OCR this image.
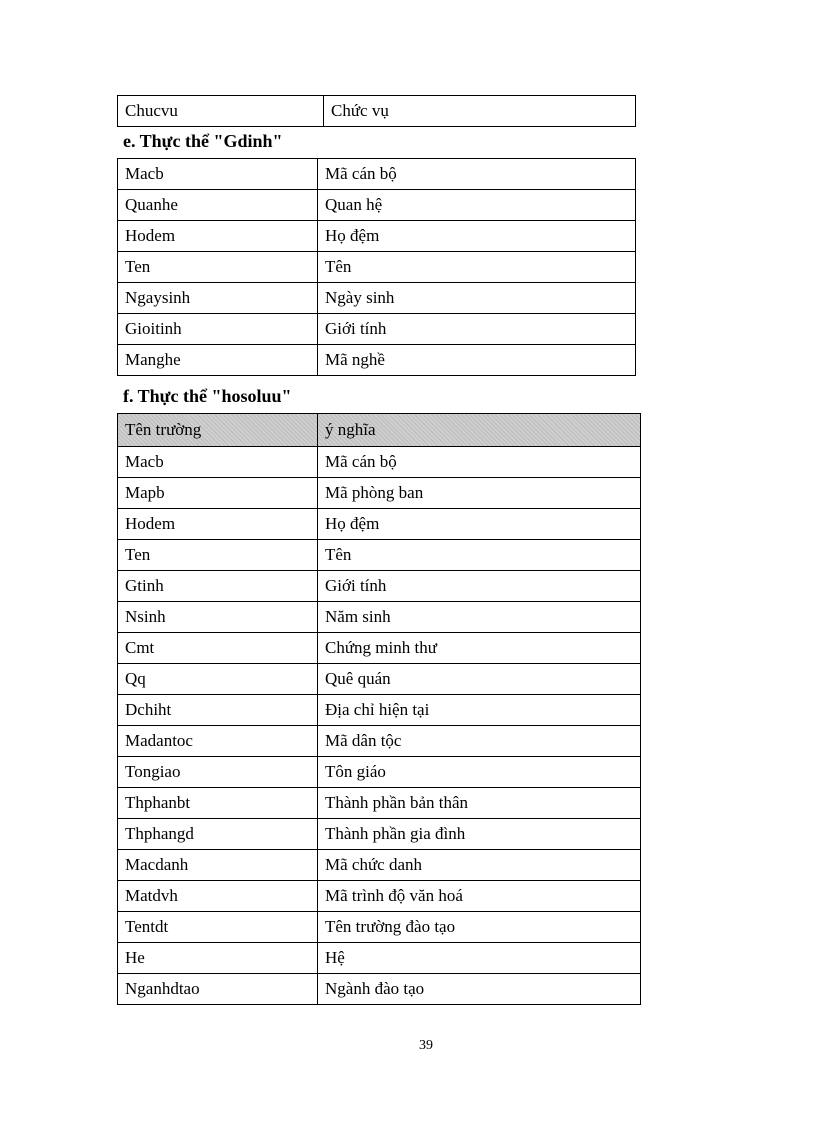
Chucvu	Chức vụ
e. Thực thể "Gdinh"
Macb	Mã cán bộ
Quanhe	Quan hệ
Hodem	Họ đệm
Ten	Tên
Ngaysinh	Ngày sinh
Gioitinh	Giới tính
Manghe	Mã nghề
f. Thực thể "hosoluu"
Tên trường	ý nghĩa
Macb	Mã cán bộ
Mapb	Mã phòng ban
Hodem	Họ đệm
Ten	Tên
Gtinh	Giới tính
Nsinh	Năm sinh
Cmt	Chứng minh thư
Qq	Quê quán
Dchiht	Địa chỉ hiện tại
Madantoc	Mã dân tộc
Tongiao	Tôn giáo
Thphanbt	Thành phần bản thân
Thphangd	Thành phần gia đình
Macdanh	Mã chức danh
Matdvh	Mã trình độ văn hoá
Tentdt	Tên trường đào tạo
He	Hệ
Nganhdtao	Ngành đào tạo
39
